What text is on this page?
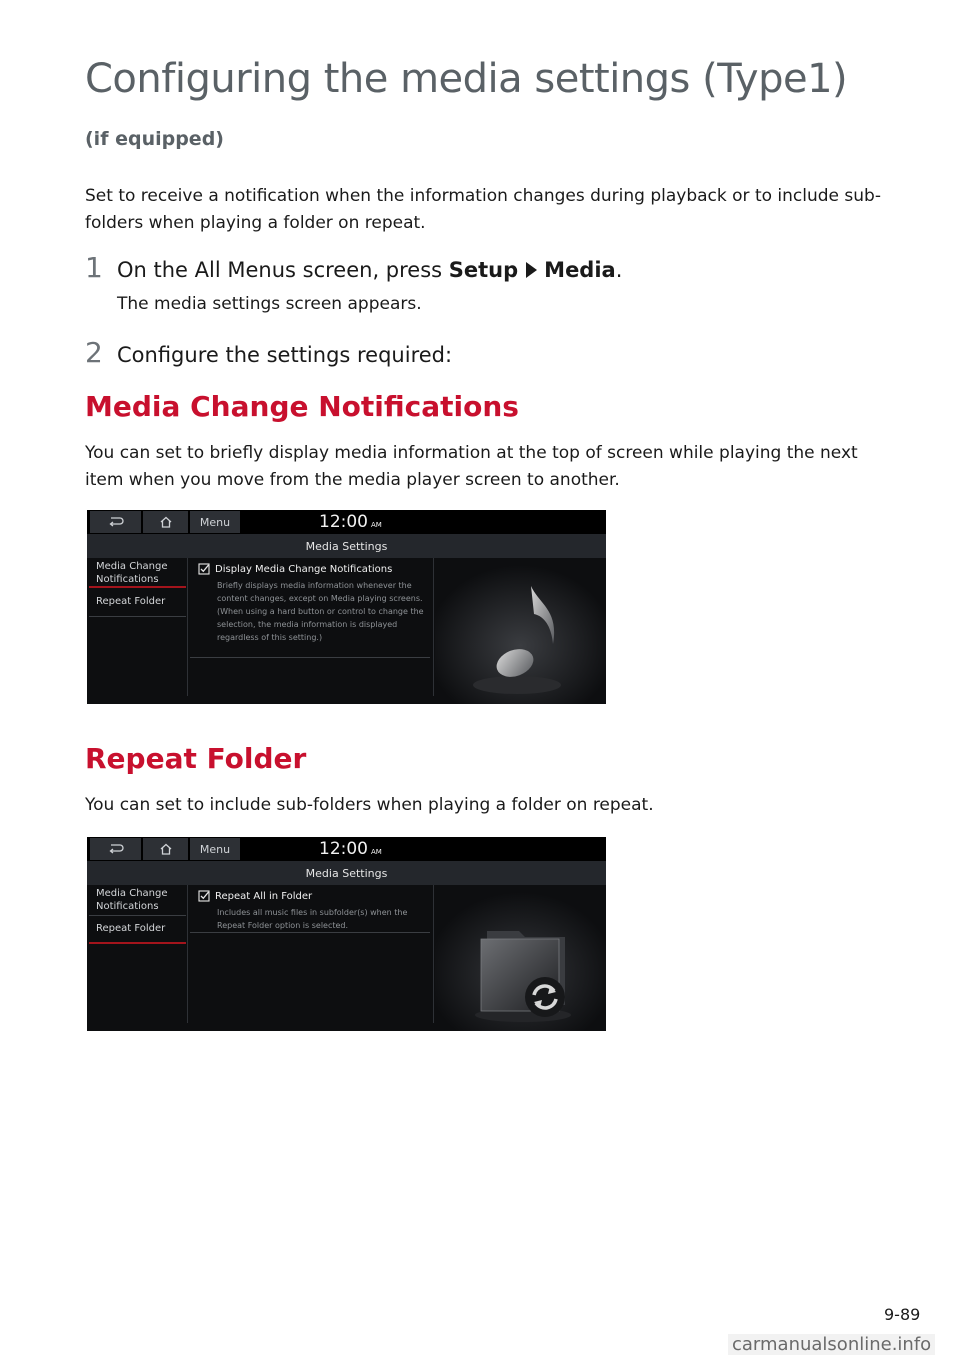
Configuring the media settings (Type1)
(if equipped)

Set to receive a notification when the information changes during playback or to include sub-folders when playing a folder on repeat.

1 On the All Menus screen, press Setup Media.
The media settings screen appears.
2 Configure the settings required:
Media Change Notifications

You can set to briefly display media information at the top of screen while playing the next item when you move from the media player screen to another.

Menu	12:00 AM
Media Settings
Media Change Notifications
Repeat Folder
Display Media Change Notifications
Briefly displays media information whenever the content changes, except on Media playing screens. (When using a hard button or control to change the selection, the media information is displayed regardless of this setting.)
Repeat Folder

You can set to include sub-folders when playing a folder on repeat.

Menu	12:00 AM
Media Settings
Media Change Notifications
Repeat Folder
Repeat All in Folder
Includes all music files in subfolder(s) when the Repeat Folder option is selected.
9-89
carmanualsonline.info
